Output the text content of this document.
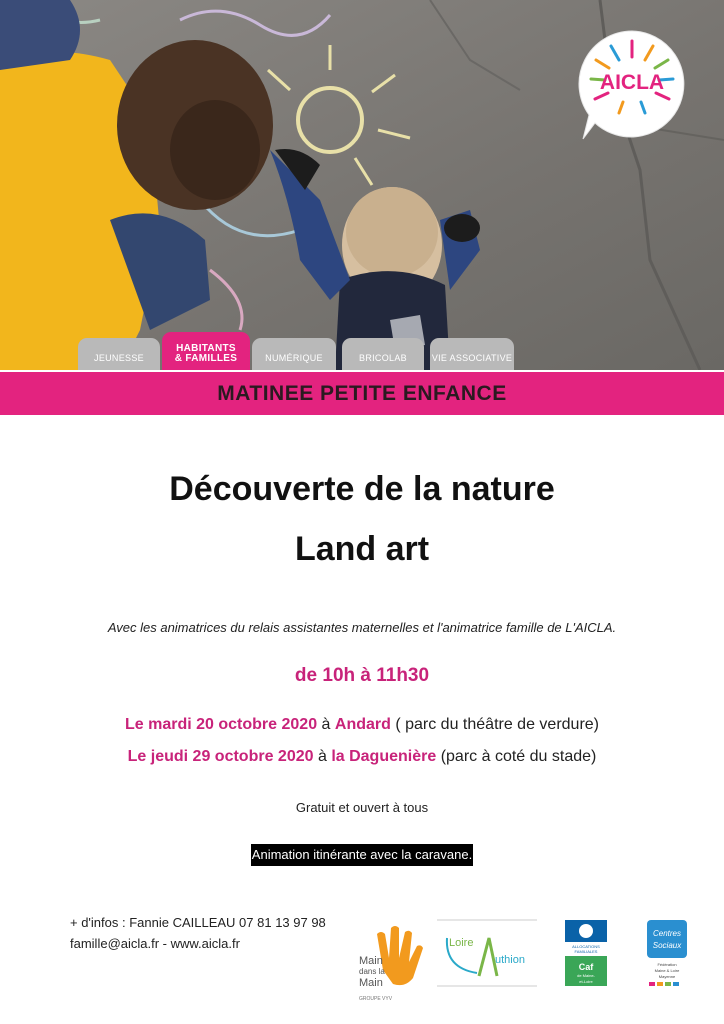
AICLA
JEUNESSE
HABITANTS
& FAMILLES	NUMÉRIQUE	BRICOLAB	VIE ASSOCIATIVE
MATINEE PETITE ENFANCE
Découverte de la nature
Land art
Avec les animatrices du relais assistantes maternelles et l'animatrice famille de L'AICLA.
de 10h à 11h30
Le mardi 20 octobre 2020 à Andard ( parc du théâtre de verdure)
Le jeudi 29 octobre 2020 à la Daguenière (parc à coté du stade)
Gratuit et ouvert à tous
Animation itinérante avec la caravane.
+ d'infos : Fannie CAILLEAU 07 81 13 97 98
famille@aicla.fr - www.aicla.fr
Main
dans la
Main
GROUPE VYV
Loire
uthion
ALLOCATIONS
FAMILIALES
Caf
de Maine-
et-Loire
Centres
Sociaux
Fédération
Maine & Loire
Mayenne
